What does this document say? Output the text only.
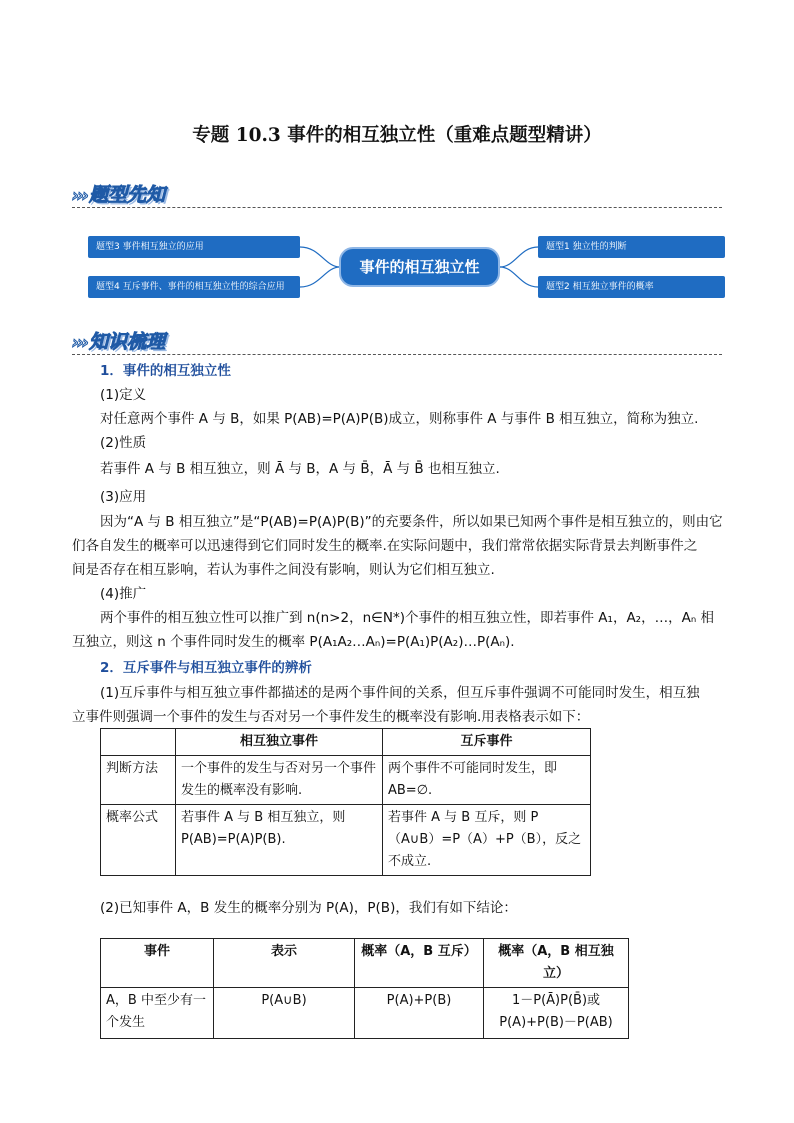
专题 10.3 事件的相互独立性（重难点题型精讲）
››› 题型先知
题型3 事件相互独立的应用
题型4 互斥事件、事件的相互独立性的综合应用
事件的相互独立性
题型1 独立性的判断
题型2 相互独立事件的概率
››› 知识梳理
1．事件的相互独立性
(1)定义
对任意两个事件 A 与 B，如果 P(AB)=P(A)P(B)成立，则称事件 A 与事件 B 相互独立，简称为独立.
(2)性质
若事件 A 与 B 相互独立，则 Ā 与 B，A 与 B̄，Ā 与 B̄ 也相互独立.
(3)应用
因为“A 与 B 相互独立”是“P(AB)=P(A)P(B)”的充要条件，所以如果已知两个事件是相互独立的，则由它
们各自发生的概率可以迅速得到它们同时发生的概率.在实际问题中，我们常常依据实际背景去判断事件之
间是否存在相互影响，若认为事件之间没有影响，则认为它们相互独立.
(4)推广
两个事件的相互独立性可以推广到 n(n>2，n∈N*)个事件的相互独立性，即若事件 A₁，A₂，…，Aₙ 相
互独立，则这 n 个事件同时发生的概率 P(A₁A₂…Aₙ)=P(A₁)P(A₂)…P(Aₙ).
2．互斥事件与相互独立事件的辨析
(1)互斥事件与相互独立事件都描述的是两个事件间的关系，但互斥事件强调不可能同时发生，相互独
立事件则强调一个事件的发生与否对另一个事件发生的概率没有影响.用表格表示如下：
	相互独立事件	互斥事件
判断方法	一个事件的发生与否对另一个事件发生的概率没有影响.	两个事件不可能同时发生，即 AB=∅.
概率公式	若事件 A 与 B 相互独立，则 P(AB)=P(A)P(B).	若事件 A 与 B 互斥，则 P（A∪B）=P（A）+P（B），反之不成立.
(2)已知事件 A，B 发生的概率分别为 P(A)，P(B)，我们有如下结论：
事件	表示	概率（A，B 互斥）	概率（A，B 相互独立）
A，B 中至少有一个发生	P(A∪B)	P(A)+P(B)	1－P(Ā)P(B̄)或 P(A)+P(B)－P(AB)
